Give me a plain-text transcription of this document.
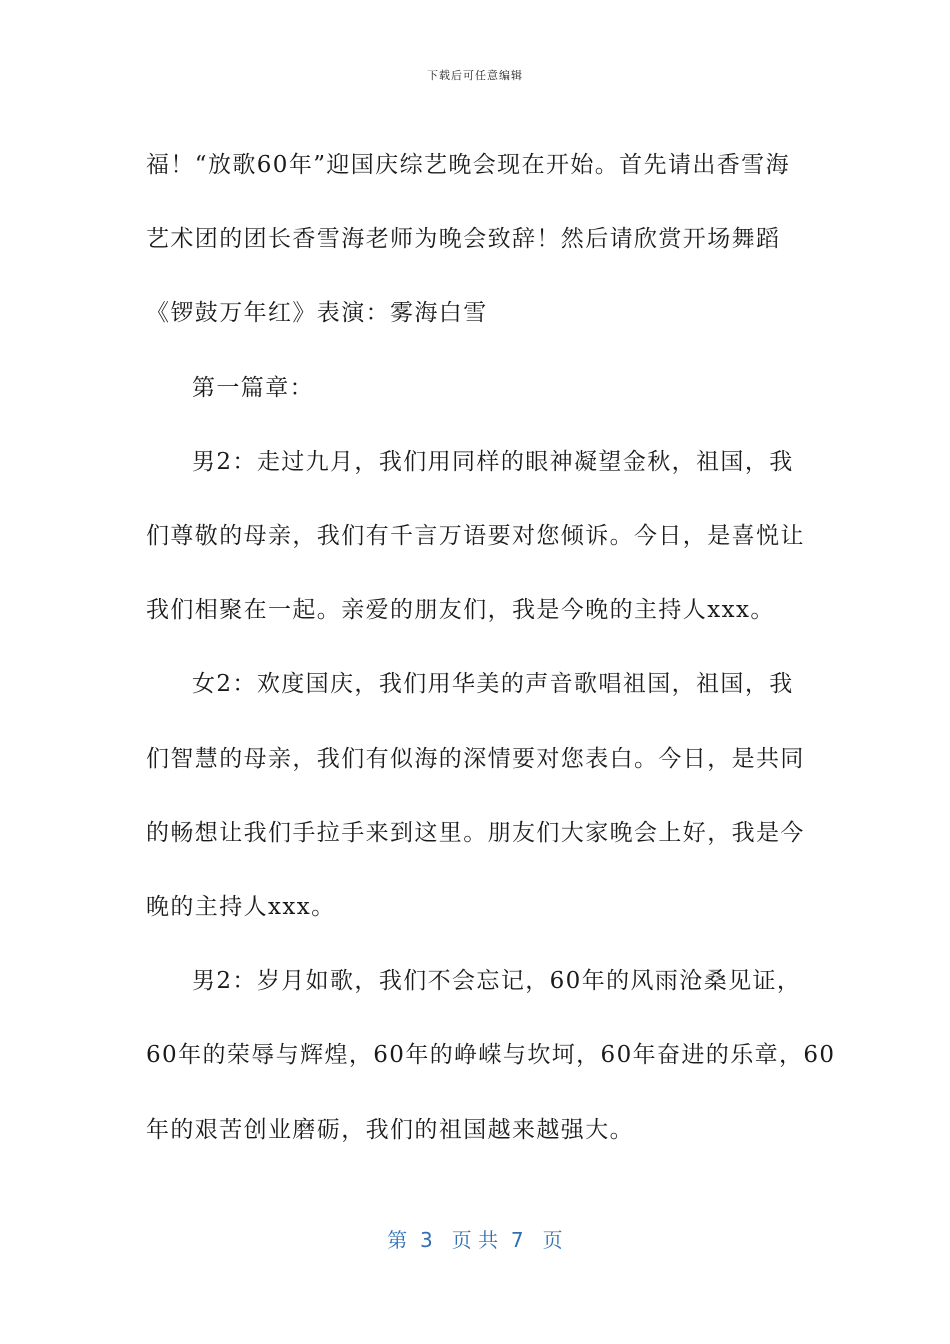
下载后可任意编辑

福！“放歌60年”迎国庆综艺晚会现在开始。首先请出香雪海

艺术团的团长香雪海老师为晚会致辞！然后请欣赏开场舞蹈

《锣鼓万年红》表演：雾海白雪

第一篇章：

男2：走过九月，我们用同样的眼神凝望金秋，祖国，我

们尊敬的母亲，我们有千言万语要对您倾诉。今日，是喜悦让

我们相聚在一起。亲爱的朋友们，我是今晚的主持人xxx。

女2：欢度国庆，我们用华美的声音歌唱祖国，祖国，我

们智慧的母亲，我们有似海的深情要对您表白。今日，是共同

的畅想让我们手拉手来到这里。朋友们大家晚会上好，我是今

晚的主持人xxx。

男2：岁月如歌，我们不会忘记，60年的风雨沧桑见证，

60年的荣辱与辉煌，60年的峥嵘与坎坷，60年奋进的乐章，60

年的艰苦创业磨砺，我们的祖国越来越强大。

第  3   页 共  7   页
